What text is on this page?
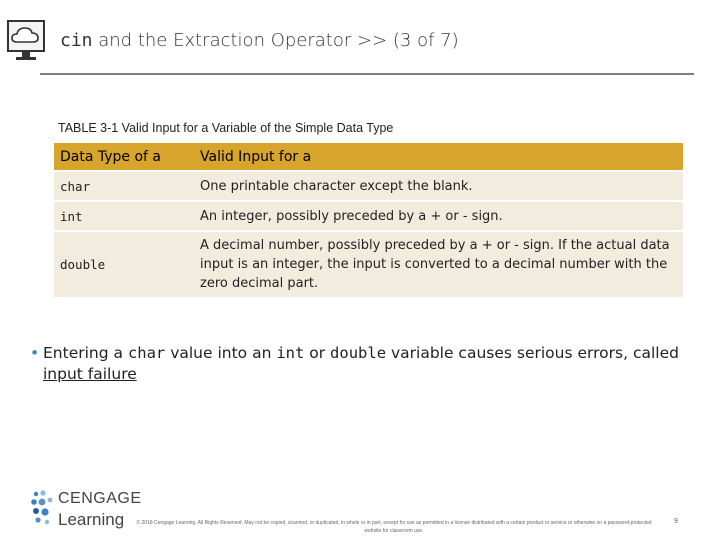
cin and the Extraction Operator >> (3 of 7)
TABLE 3-1 Valid Input for a Variable of the Simple Data Type
Data Type of a	Valid Input for a
char	One printable character except the blank.
int	An integer, possibly preceded by a + or - sign.
double	A decimal number, possibly preceded by a + or - sign. If the actual data input is an integer, the input is converted to a decimal number with the zero decimal part.
• Entering a char value into an int or double variable causes serious errors, called input failure
CENGAGE
Learning	© 2018 Cengage Learning. All Rights Reserved. May not be copied, scanned, or duplicated, in whole or in part, except for use as permitted in a license distributed with a certain product or service or otherwise on a password-protected website for classroom use.
9
